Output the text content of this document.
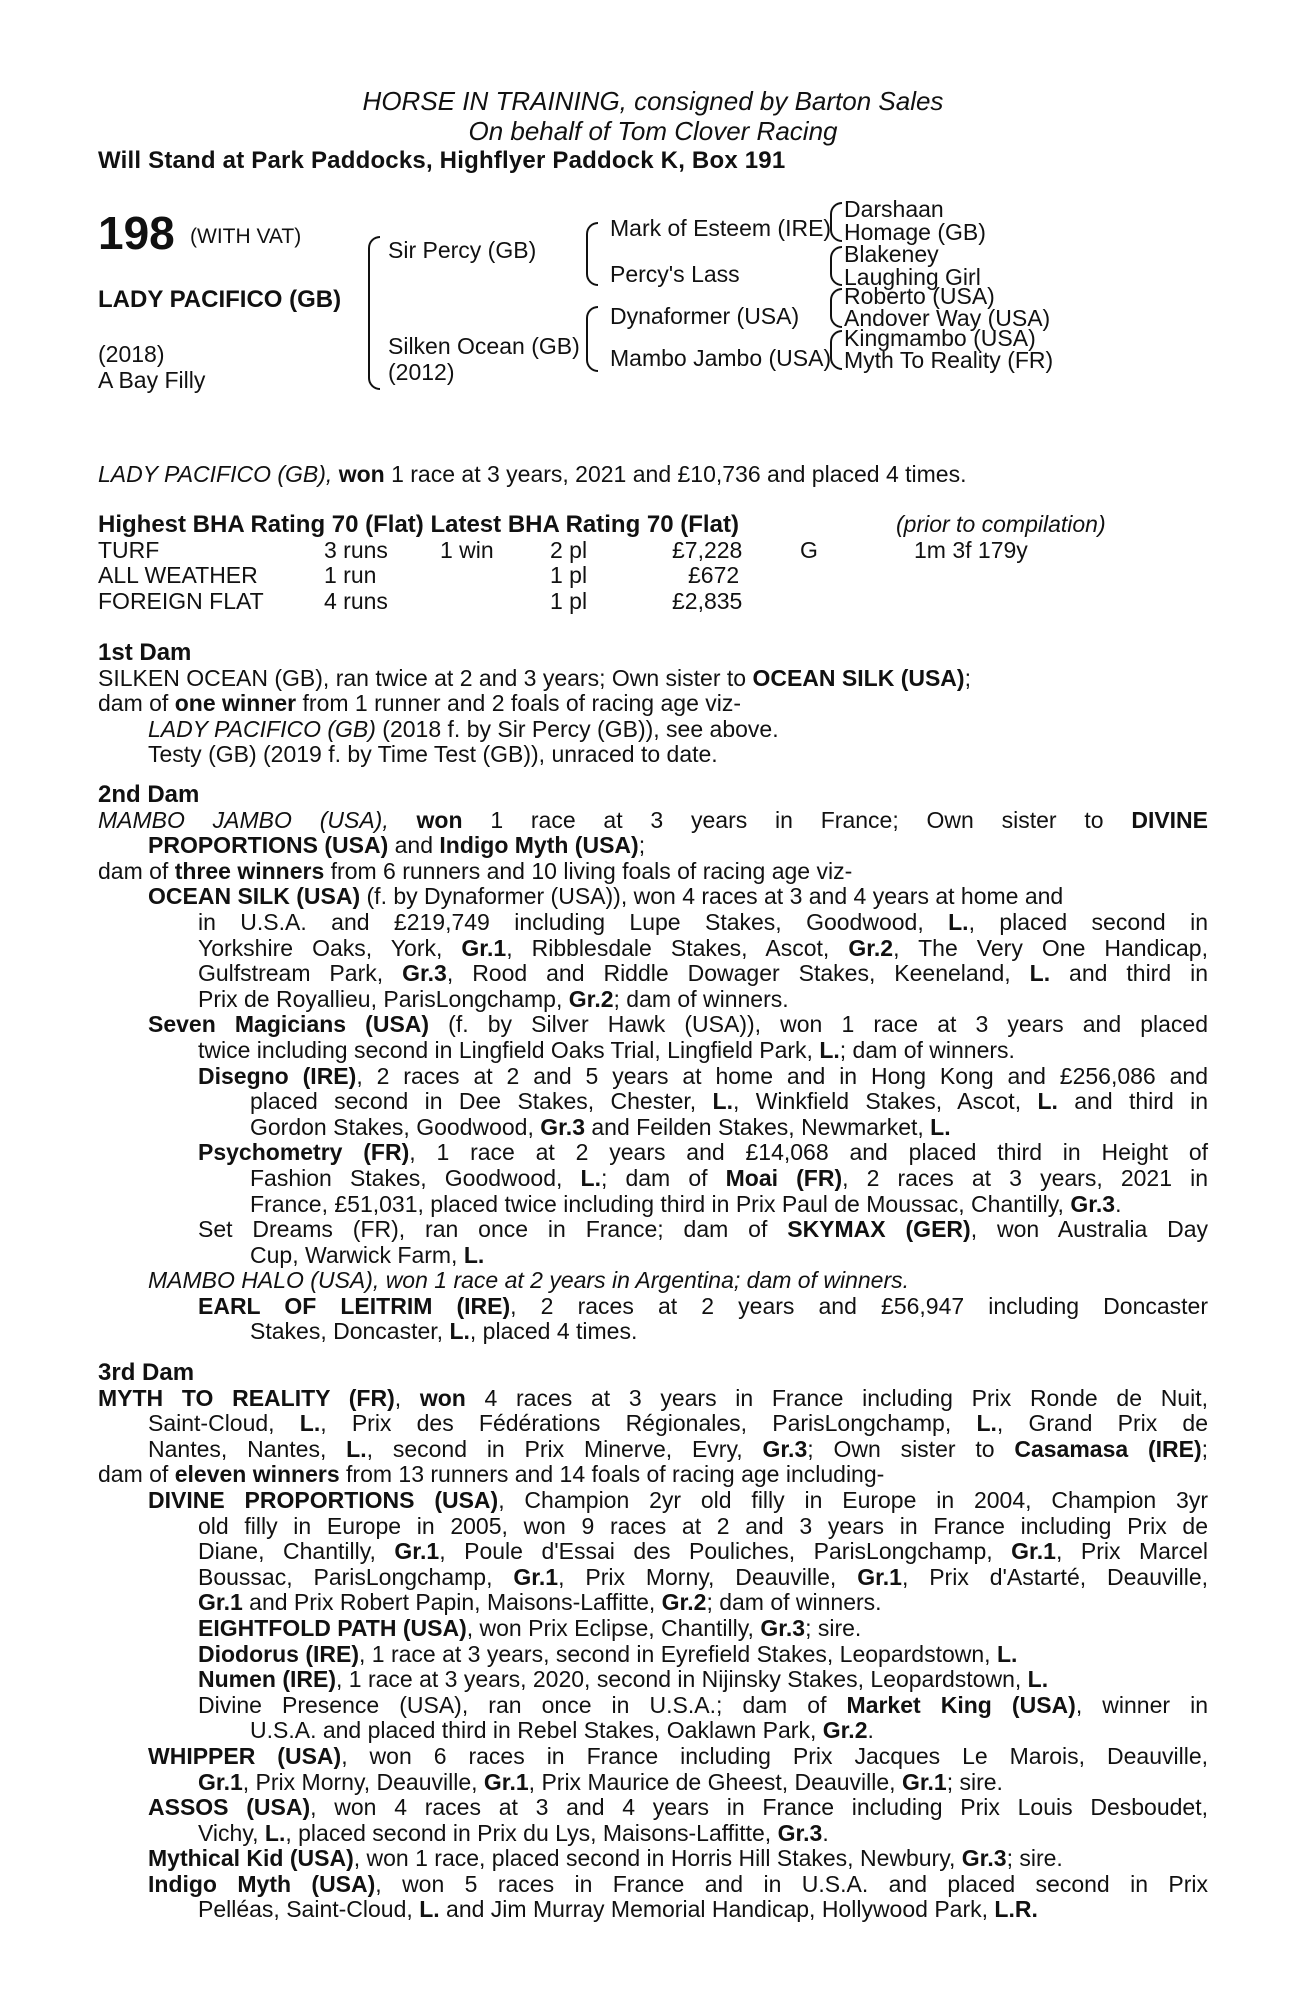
HORSE IN TRAINING, consigned by Barton Sales
On behalf of Tom Clover Racing
Will Stand at Park Paddocks, Highflyer Paddock K, Box 191
198 (WITH VAT)
LADY PACIFICO (GB)
(2018)
A Bay Filly
Sir Percy (GB)
Silken Ocean (GB)
(2012)
Mark of Esteem (IRE)
Percy's Lass
Dynaformer (USA)
Mambo Jambo (USA)
Darshaan
Homage (GB)
Blakeney
Laughing Girl
Roberto (USA)
Andover Way (USA)
Kingmambo (USA)
Myth To Reality (FR)
LADY PACIFICO (GB), won 1 race at 3 years, 2021 and £10,736 and placed 4 times.
Highest BHA Rating 70 (Flat) Latest BHA Rating 70 (Flat)	(prior to compilation)
TURF	3 runs 1 win 2 pl	£7,228	G	1m 3f 179y
ALL WEATHER	1 run	1 pl	£672
FOREIGN FLAT	4 runs	1 pl	£2,835
1st Dam
SILKEN OCEAN (GB), ran twice at 2 and 3 years; Own sister to OCEAN SILK (USA);
dam of one winner from 1 runner and 2 foals of racing age viz-
LADY PACIFICO (GB) (2018 f. by Sir Percy (GB)), see above.
Testy (GB) (2019 f. by Time Test (GB)), unraced to date.
2nd Dam
MAMBO JAMBO (USA), won 1 race at 3 years in France; Own sister to DIVINE
PROPORTIONS (USA) and Indigo Myth (USA);
dam of three winners from 6 runners and 10 living foals of racing age viz-
OCEAN SILK (USA) (f. by Dynaformer (USA)), won 4 races at 3 and 4 years at home and
in U.S.A. and £219,749 including Lupe Stakes, Goodwood, L., placed second in
Yorkshire Oaks, York, Gr.1, Ribblesdale Stakes, Ascot, Gr.2, The Very One Handicap,
Gulfstream Park, Gr.3, Rood and Riddle Dowager Stakes, Keeneland, L. and third in
Prix de Royallieu, ParisLongchamp, Gr.2; dam of winners.
Seven Magicians (USA) (f. by Silver Hawk (USA)), won 1 race at 3 years and placed
twice including second in Lingfield Oaks Trial, Lingfield Park, L.; dam of winners.
Disegno (IRE), 2 races at 2 and 5 years at home and in Hong Kong and £256,086 and
placed second in Dee Stakes, Chester, L., Winkfield Stakes, Ascot, L. and third in
Gordon Stakes, Goodwood, Gr.3 and Feilden Stakes, Newmarket, L.
Psychometry (FR), 1 race at 2 years and £14,068 and placed third in Height of
Fashion Stakes, Goodwood, L.; dam of Moai (FR), 2 races at 3 years, 2021 in
France, £51,031, placed twice including third in Prix Paul de Moussac, Chantilly, Gr.3.
Set Dreams (FR), ran once in France; dam of SKYMAX (GER), won Australia Day
Cup, Warwick Farm, L.
MAMBO HALO (USA), won 1 race at 2 years in Argentina; dam of winners.
EARL OF LEITRIM (IRE), 2 races at 2 years and £56,947 including Doncaster
Stakes, Doncaster, L., placed 4 times.
3rd Dam
MYTH TO REALITY (FR), won 4 races at 3 years in France including Prix Ronde de Nuit,
Saint-Cloud, L., Prix des Fédérations Régionales, ParisLongchamp, L., Grand Prix de
Nantes, Nantes, L., second in Prix Minerve, Evry, Gr.3; Own sister to Casamasa (IRE);
dam of eleven winners from 13 runners and 14 foals of racing age including-
DIVINE PROPORTIONS (USA), Champion 2yr old filly in Europe in 2004, Champion 3yr
old filly in Europe in 2005, won 9 races at 2 and 3 years in France including Prix de
Diane, Chantilly, Gr.1, Poule d'Essai des Pouliches, ParisLongchamp, Gr.1, Prix Marcel
Boussac, ParisLongchamp, Gr.1, Prix Morny, Deauville, Gr.1, Prix d'Astarté, Deauville,
Gr.1 and Prix Robert Papin, Maisons-Laffitte, Gr.2; dam of winners.
EIGHTFOLD PATH (USA), won Prix Eclipse, Chantilly, Gr.3; sire.
Diodorus (IRE), 1 race at 3 years, second in Eyrefield Stakes, Leopardstown, L.
Numen (IRE), 1 race at 3 years, 2020, second in Nijinsky Stakes, Leopardstown, L.
Divine Presence (USA), ran once in U.S.A.; dam of Market King (USA), winner in
U.S.A. and placed third in Rebel Stakes, Oaklawn Park, Gr.2.
WHIPPER (USA), won 6 races in France including Prix Jacques Le Marois, Deauville,
Gr.1, Prix Morny, Deauville, Gr.1, Prix Maurice de Gheest, Deauville, Gr.1; sire.
ASSOS (USA), won 4 races at 3 and 4 years in France including Prix Louis Desboudet,
Vichy, L., placed second in Prix du Lys, Maisons-Laffitte, Gr.3.
Mythical Kid (USA), won 1 race, placed second in Horris Hill Stakes, Newbury, Gr.3; sire.
Indigo Myth (USA), won 5 races in France and in U.S.A. and placed second in Prix
Pelléas, Saint-Cloud, L. and Jim Murray Memorial Handicap, Hollywood Park, L.R.
